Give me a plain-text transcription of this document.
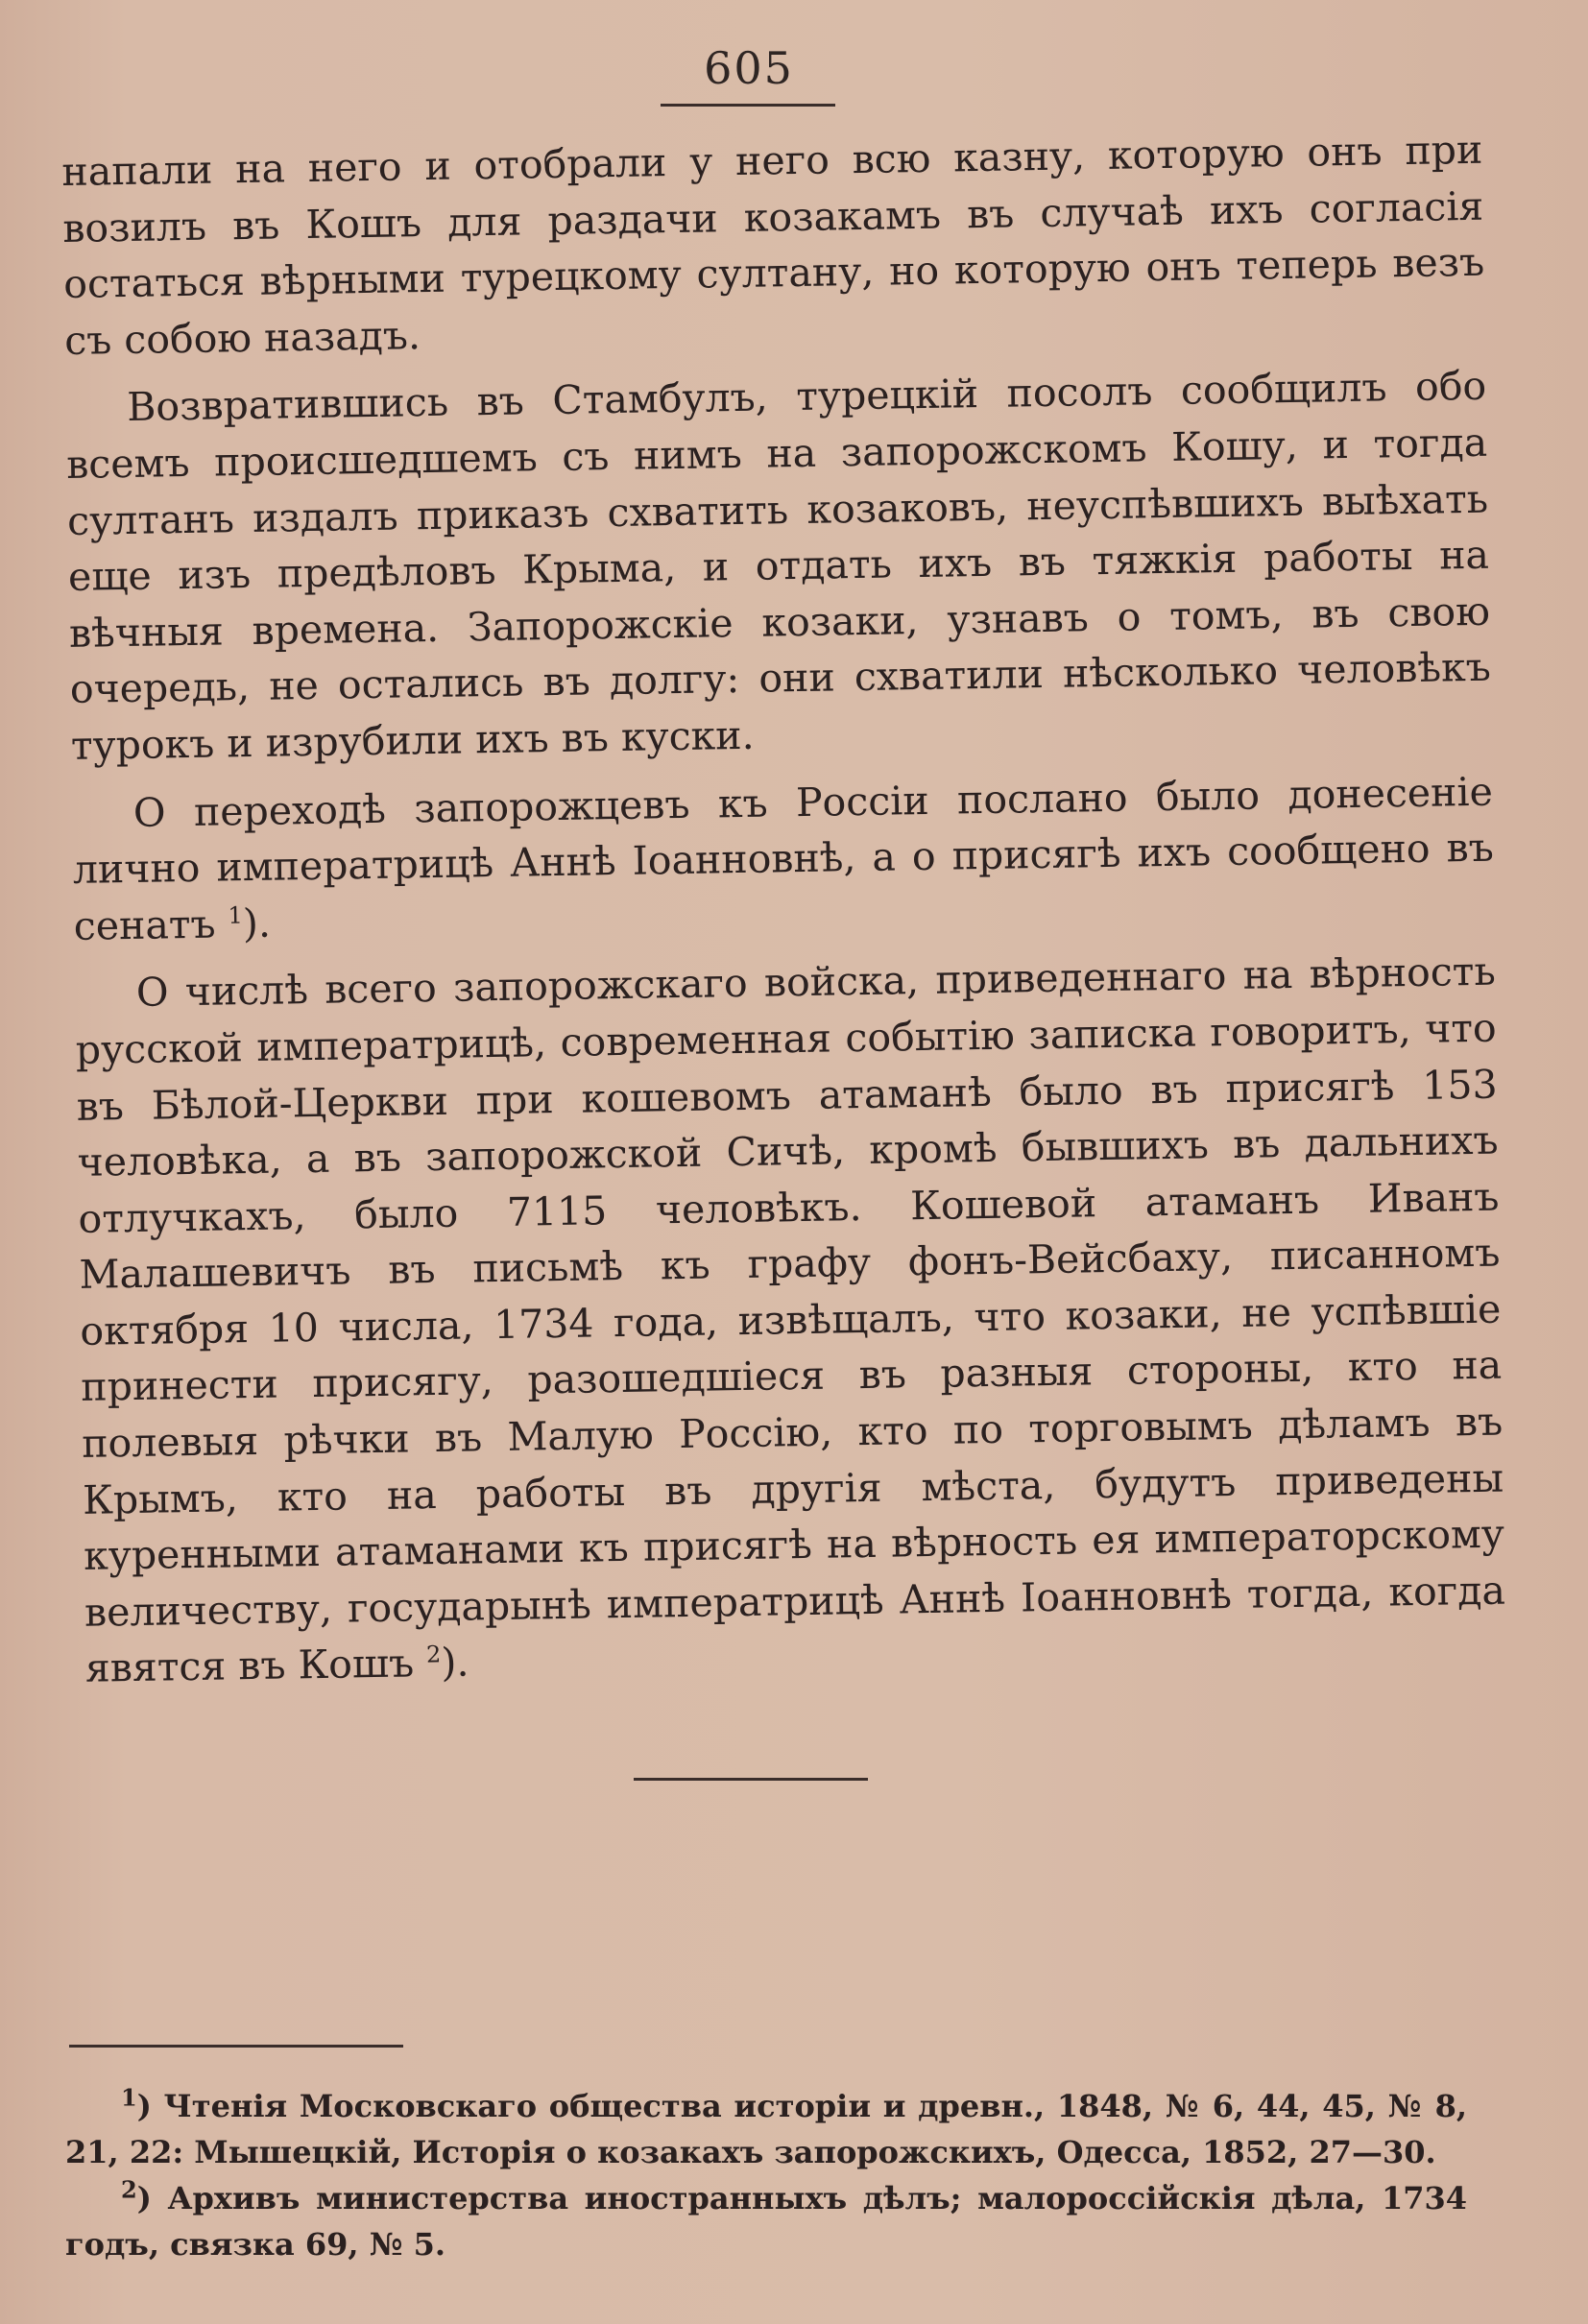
605

напали на него и отобрали у него всю казну, которую онъ при возилъ въ Кошъ для раздачи козакамъ въ случаѣ ихъ согласія остаться вѣрными турецкому султану, но которую онъ теперь везъ съ собою назадъ.

Возвратившись въ Стамбулъ, турецкій посолъ сообщилъ обо всемъ происшедшемъ съ нимъ на запорожскомъ Кошу, и тогда султанъ издалъ приказъ схватить козаковъ, неуспѣвшихъ выѣхать еще изъ предѣловъ Крыма, и отдать ихъ въ тяжкія работы на вѣчныя времена. Запорожскіе козаки, узнавъ о томъ, въ свою очередь, не остались въ долгу: они схватили нѣсколько человѣкъ турокъ и изрубили ихъ въ куски.

О переходѣ запорожцевъ къ Россіи послано было донесеніе лично императрицѣ Аннѣ Іоанновнѣ, а о присягѣ ихъ сообщено въ сенатъ $^1$).

О числѣ всего запорожскаго войска, приведеннаго на вѣрность русской императрицѣ, современная событію записка говоритъ, что въ Бѣлой-Церкви при кошевомъ атаманѣ было въ присягѣ 153 человѣка, а въ запорожской Сичѣ, кромѣ бывшихъ въ дальнихъ отлучкахъ, было 7115 человѣкъ. Кошевой атаманъ Иванъ Малашевичъ въ письмѣ къ графу фонъ-Вейсбаху, писанномъ октября 10 числа, 1734 года, извѣщалъ, что козаки, не успѣвшіе принести присягу, разошедшіеся въ разныя стороны, кто на полевыя рѣчки въ Малую Россію, кто по торговымъ дѣламъ въ Крымъ, кто на работы въ другія мѣста, будутъ приведены куренными атаманами къ присягѣ на вѣрность ея императорскому величеству, государынѣ императрицѣ Аннѣ Іоанновнѣ тогда, когда явятся въ Кошъ $^2$).

$^1$) Чтенія Московскаго общества исторіи и древн., 1848, № 6, 44, 45, № 8, 21, 22: Мышецкій, Исторія о козакахъ запорожскихъ, Одесса, 1852, 27—30.

$^2$) Архивъ министерства иностранныхъ дѣлъ; малороссійскія дѣла, 1734 годъ, связка 69, № 5.
